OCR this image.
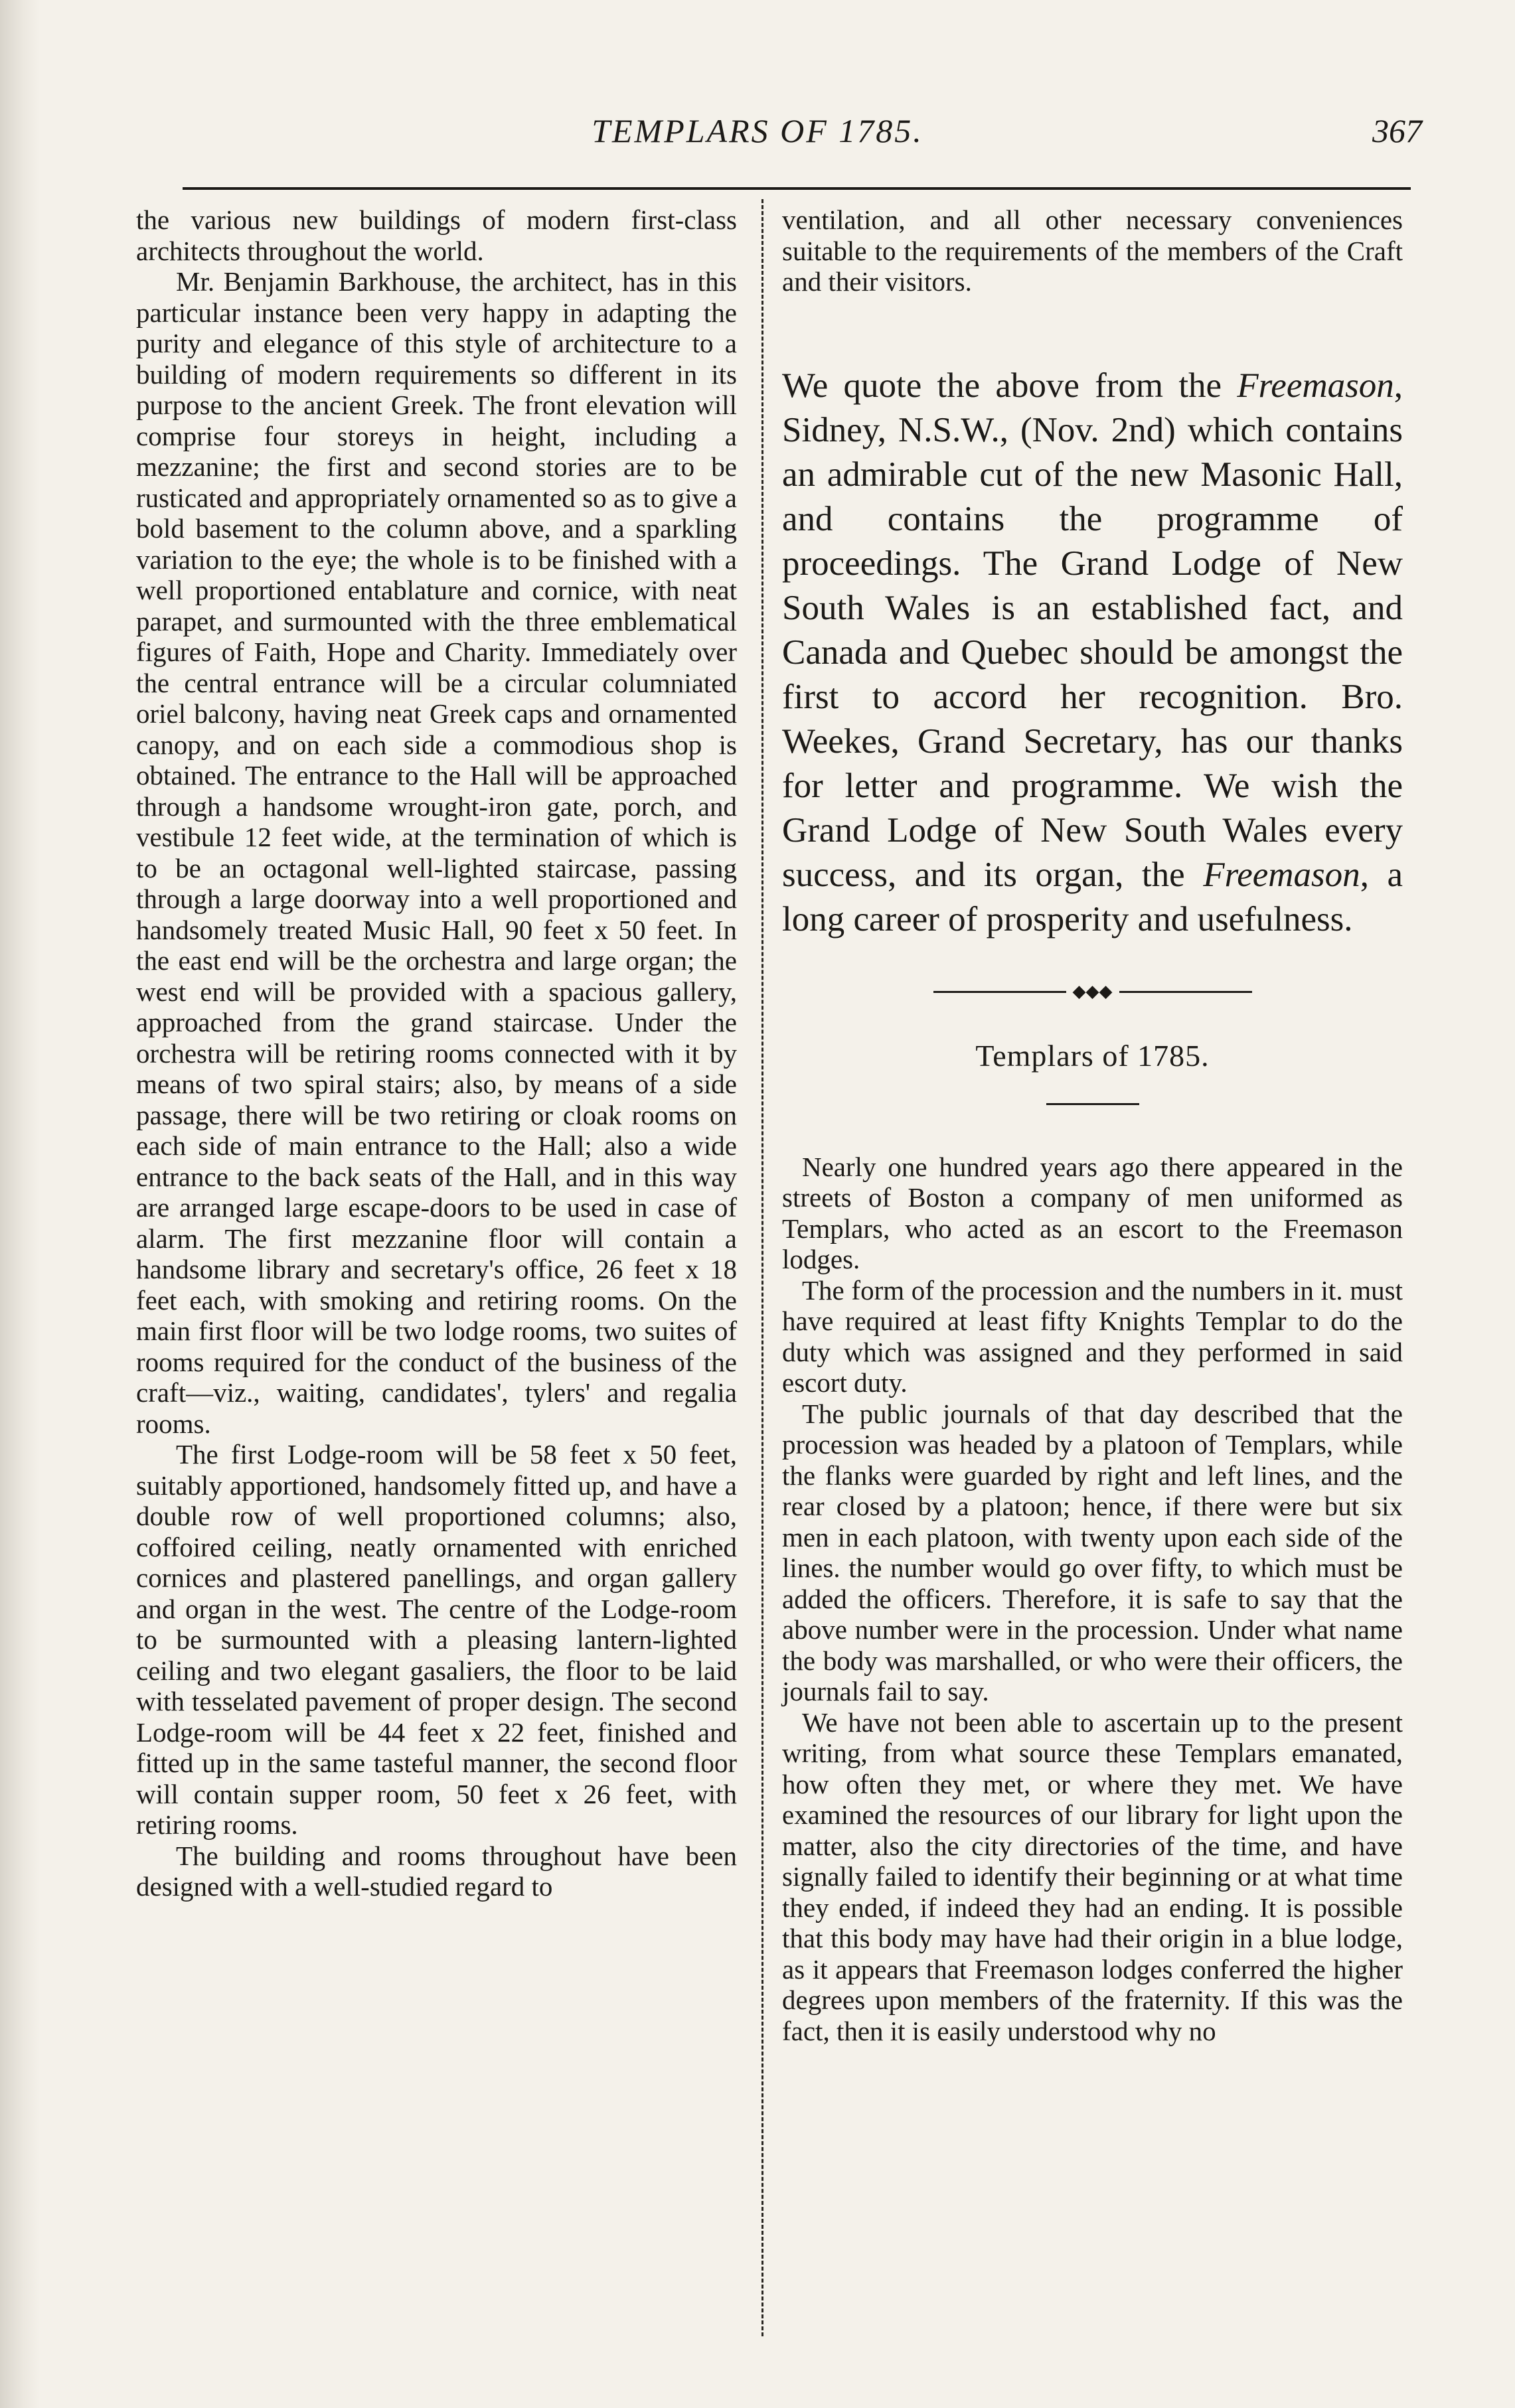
TEMPLARS OF 1785.	367

the various new buildings of modern first-class architects throughout the world.

Mr. Benjamin Barkhouse, the architect, has in this particular instance been very happy in adapting the purity and elegance of this style of architecture to a building of modern requirements so different in its purpose to the ancient Greek. The front elevation will comprise four storeys in height, including a mezzanine; the first and second stories are to be rusticated and appropriately ornamented so as to give a bold basement to the column above, and a sparkling variation to the eye; the whole is to be finished with a well proportioned entablature and cornice, with neat parapet, and surmounted with the three emblematical figures of Faith, Hope and Charity. Immediately over the central entrance will be a circular columniated oriel balcony, having neat Greek caps and ornamented canopy, and on each side a commodious shop is obtained. The entrance to the Hall will be approached through a handsome wrought-iron gate, porch, and vestibule 12 feet wide, at the termination of which is to be an octagonal well-lighted staircase, passing through a large doorway into a well proportioned and handsomely treated Music Hall, 90 feet x 50 feet. In the east end will be the orchestra and large organ; the west end will be provided with a spacious gallery, approached from the grand staircase. Under the orchestra will be retiring rooms connected with it by means of two spiral stairs; also, by means of a side passage, there will be two retiring or cloak rooms on each side of main entrance to the Hall; also a wide entrance to the back seats of the Hall, and in this way are arranged large escape-doors to be used in case of alarm. The first mezzanine floor will contain a handsome library and secretary's office, 26 feet x 18 feet each, with smoking and retiring rooms. On the main first floor will be two lodge rooms, two suites of rooms required for the conduct of the business of the craft—viz., waiting, candidates', tylers' and regalia rooms.

The first Lodge-room will be 58 feet x 50 feet, suitably apportioned, handsomely fitted up, and have a double row of well proportioned columns; also, coffoired ceiling, neatly ornamented with enriched cornices and plastered panellings, and organ gallery and organ in the west. The centre of the Lodge-room to be surmounted with a pleasing lantern-lighted ceiling and two elegant gasaliers, the floor to be laid with tesselated pavement of proper design. The second Lodge-room will be 44 feet x 22 feet, finished and fitted up in the same tasteful manner, the second floor will contain supper room, 50 feet x 26 feet, with retiring rooms.

The building and rooms throughout have been designed with a well-studied regard to

ventilation, and all other necessary conveniences suitable to the requirements of the members of the Craft and their visitors.

We quote the above from the Freemason, Sidney, N.S.W., (Nov. 2nd) which contains an admirable cut of the new Masonic Hall, and contains the programme of proceedings. The Grand Lodge of New South Wales is an established fact, and Canada and Quebec should be amongst the first to accord her recognition. Bro. Weekes, Grand Secretary, has our thanks for letter and programme. We wish the Grand Lodge of New South Wales every success, and its organ, the Freemason, a long career of prosperity and usefulness.

◆◆◆
Templars of 1785.

Nearly one hundred years ago there appeared in the streets of Boston a company of men uniformed as Templars, who acted as an escort to the Freemason lodges.

The form of the procession and the numbers in it. must have required at least fifty Knights Templar to do the duty which was assigned and they performed in said escort duty.

The public journals of that day described that the procession was headed by a platoon of Templars, while the flanks were guarded by right and left lines, and the rear closed by a platoon; hence, if there were but six men in each platoon, with twenty upon each side of the lines. the number would go over fifty, to which must be added the officers. Therefore, it is safe to say that the above number were in the procession. Under what name the body was marshalled, or who were their officers, the journals fail to say.

We have not been able to ascertain up to the present writing, from what source these Templars emanated, how often they met, or where they met. We have examined the resources of our library for light upon the matter, also the city directories of the time, and have signally failed to identify their beginning or at what time they ended, if indeed they had an ending. It is possible that this body may have had their origin in a blue lodge, as it appears that Freemason lodges conferred the higher degrees upon members of the fraternity. If this was the fact, then it is easily understood why no
